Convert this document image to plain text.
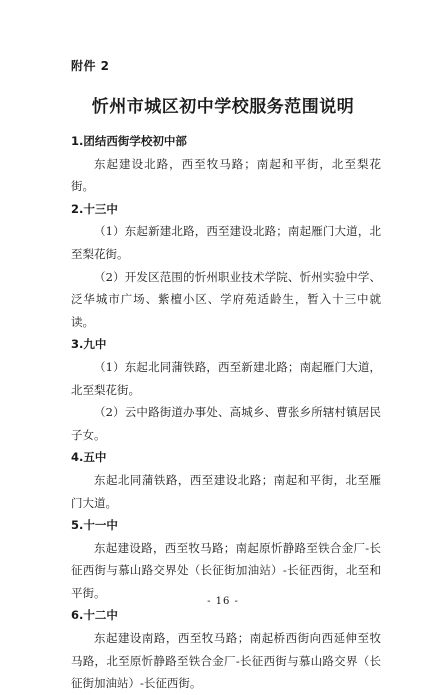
附件 2
忻州市城区初中学校服务范围说明

1.团结西街学校初中部

东起建设北路，西至牧马路；南起和平街，北至梨花街。

2.十三中

（1）东起新建北路，西至建设北路；南起雁门大道，北至梨花街。

（2）开发区范围的忻州职业技术学院、忻州实验中学、泛华城市广场、紫檀小区、学府苑适龄生，暂入十三中就读。

3.九中

（1）东起北同蒲铁路，西至新建北路；南起雁门大道，北至梨花街。

（2）云中路街道办事处、高城乡、曹张乡所辖村镇居民子女。

4.五中

东起北同蒲铁路，西至建设北路；南起和平街，北至雁门大道。

5.十一中

东起建设路，西至牧马路；南起原忻静路至铁合金厂-长征西街与慕山路交界处（长征街加油站）-长征西街，北至和平街。

6.十二中

东起建设南路，西至牧马路；南起桥西街向西延伸至牧马路，北至原忻静路至铁合金厂-长征西街与慕山路交界（长征街加油站）-长征西街。

- 16 -
